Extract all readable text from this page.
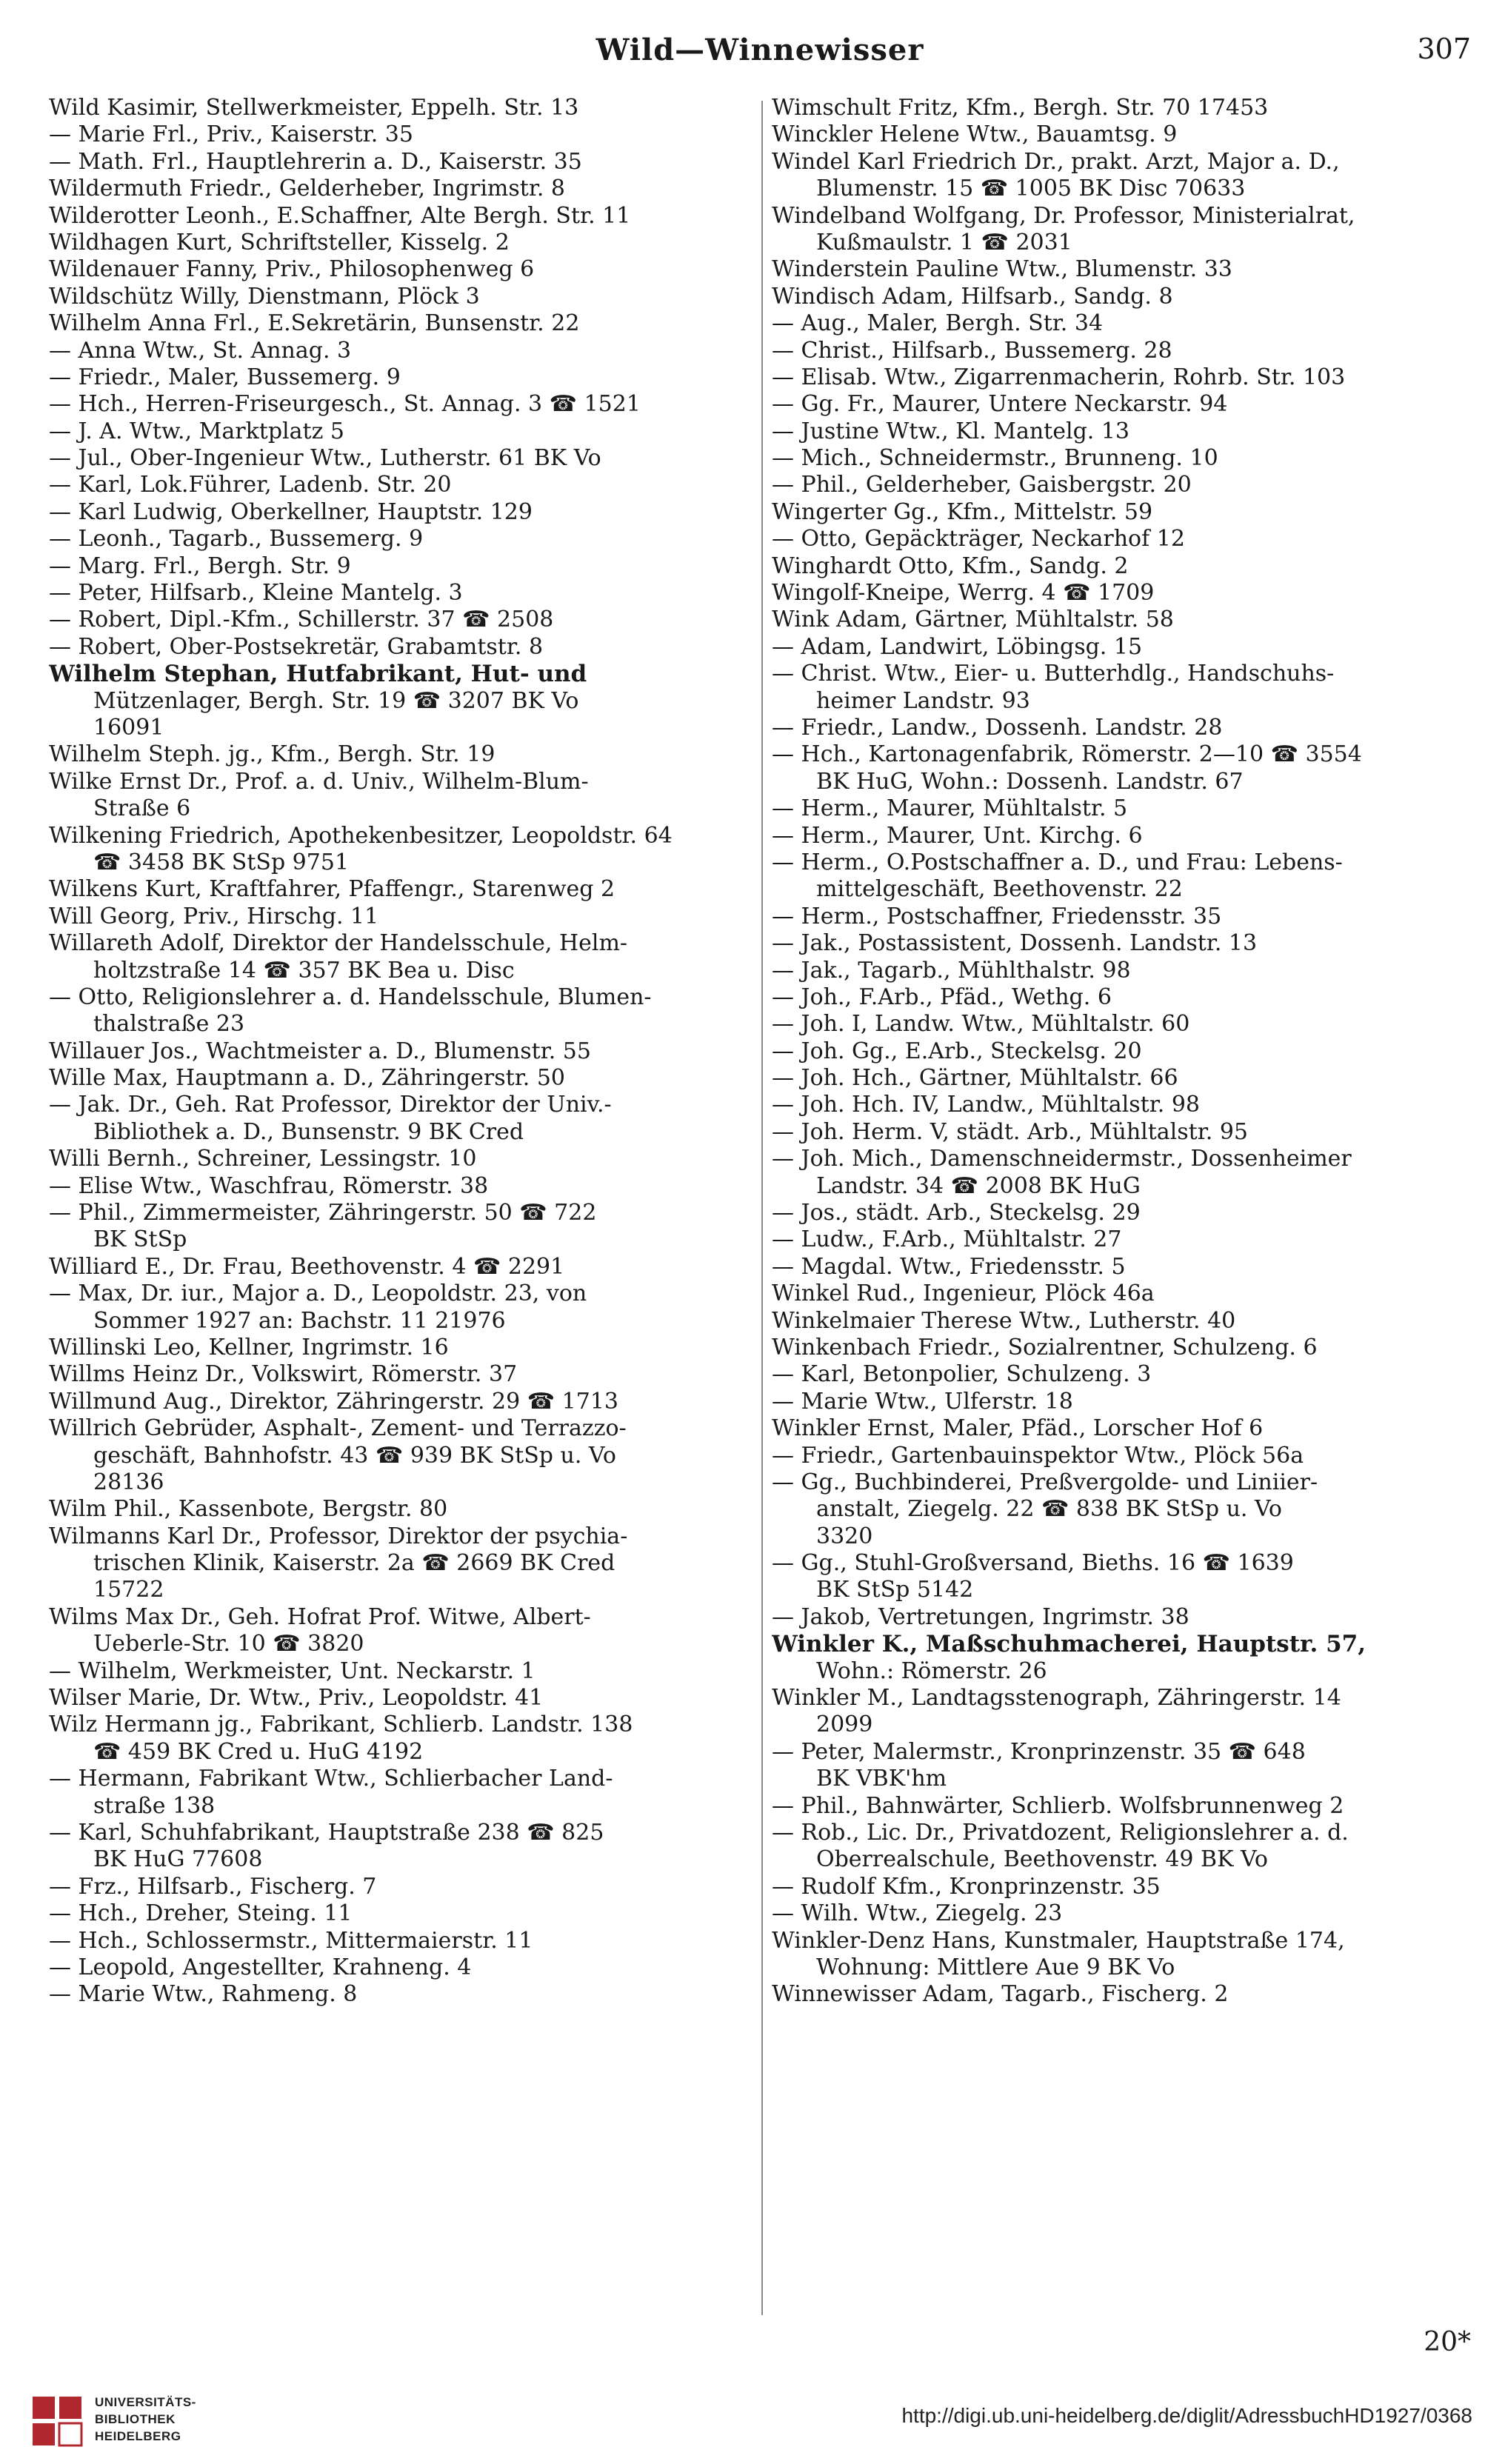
Wild—Winnewisser	307
Wild Kasimir, Stellwerkmeister, Eppelh. Str. 13
— Marie Frl., Priv., Kaiserstr. 35
— Math. Frl., Hauptlehrerin a. D., Kaiserstr. 35
Wildermuth Friedr., Gelderheber, Ingrimstr. 8
Wilderotter Leonh., E.Schaffner, Alte Bergh. Str. 11
Wildhagen Kurt, Schriftsteller, Kisselg. 2
Wildenauer Fanny, Priv., Philosophenweg 6
Wildschütz Willy, Dienstmann, Plöck 3
Wilhelm Anna Frl., E.Sekretärin, Bunsenstr. 22
— Anna Wtw., St. Annag. 3
— Friedr., Maler, Bussemerg. 9
— Hch., Herren-Friseurgesch., St. Annag. 3 ☎ 1521
— J. A. Wtw., Marktplatz 5
— Jul., Ober-Ingenieur Wtw., Lutherstr. 61 BK Vo
— Karl, Lok.Führer, Ladenb. Str. 20
— Karl Ludwig, Oberkellner, Hauptstr. 129
— Leonh., Tagarb., Bussemerg. 9
— Marg. Frl., Bergh. Str. 9
— Peter, Hilfsarb., Kleine Mantelg. 3
— Robert, Dipl.-Kfm., Schillerstr. 37 ☎ 2508
— Robert, Ober-Postsekretär, Grabamtstr. 8
Wilhelm Stephan, Hutfabrikant, Hut- und
Mützenlager, Bergh. Str. 19 ☎ 3207 BK Vo
16091
Wilhelm Steph. jg., Kfm., Bergh. Str. 19
Wilke Ernst Dr., Prof. a. d. Univ., Wilhelm-Blum-
Straße 6
Wilkening Friedrich, Apothekenbesitzer, Leopoldstr. 64
☎ 3458 BK StSp 9751
Wilkens Kurt, Kraftfahrer, Pfaffengr., Starenweg 2
Will Georg, Priv., Hirschg. 11
Willareth Adolf, Direktor der Handelsschule, Helm-
holtzstraße 14 ☎ 357 BK Bea u. Disc
— Otto, Religionslehrer a. d. Handelsschule, Blumen-
thalstraße 23
Willauer Jos., Wachtmeister a. D., Blumenstr. 55
Wille Max, Hauptmann a. D., Zähringerstr. 50
— Jak. Dr., Geh. Rat Professor, Direktor der Univ.-
Bibliothek a. D., Bunsenstr. 9 BK Cred
Willi Bernh., Schreiner, Lessingstr. 10
— Elise Wtw., Waschfrau, Römerstr. 38
— Phil., Zimmermeister, Zähringerstr. 50 ☎ 722
BK StSp
Williard E., Dr. Frau, Beethovenstr. 4 ☎ 2291
— Max, Dr. iur., Major a. D., Leopoldstr. 23, von
Sommer 1927 an: Bachstr. 11 21976
Willinski Leo, Kellner, Ingrimstr. 16
Willms Heinz Dr., Volkswirt, Römerstr. 37
Willmund Aug., Direktor, Zähringerstr. 29 ☎ 1713
Willrich Gebrüder, Asphalt-, Zement- und Terrazzo-
geschäft, Bahnhofstr. 43 ☎ 939 BK StSp u. Vo
28136
Wilm Phil., Kassenbote, Bergstr. 80
Wilmanns Karl Dr., Professor, Direktor der psychia-
trischen Klinik, Kaiserstr. 2a ☎ 2669 BK Cred
15722
Wilms Max Dr., Geh. Hofrat Prof. Witwe, Albert-
Ueberle-Str. 10 ☎ 3820
— Wilhelm, Werkmeister, Unt. Neckarstr. 1
Wilser Marie, Dr. Wtw., Priv., Leopoldstr. 41
Wilz Hermann jg., Fabrikant, Schlierb. Landstr. 138
☎ 459 BK Cred u. HuG 4192
— Hermann, Fabrikant Wtw., Schlierbacher Land-
straße 138
— Karl, Schuhfabrikant, Hauptstraße 238 ☎ 825
BK HuG 77608
— Frz., Hilfsarb., Fischerg. 7
— Hch., Dreher, Steing. 11
— Hch., Schlossermstr., Mittermaierstr. 11
— Leopold, Angestellter, Krahneng. 4
— Marie Wtw., Rahmeng. 8
Wimschult Fritz, Kfm., Bergh. Str. 70 17453
Winckler Helene Wtw., Bauamtsg. 9
Windel Karl Friedrich Dr., prakt. Arzt, Major a. D.,
Blumenstr. 15 ☎ 1005 BK Disc 70633
Windelband Wolfgang, Dr. Professor, Ministerialrat,
Kußmaulstr. 1 ☎ 2031
Winderstein Pauline Wtw., Blumenstr. 33
Windisch Adam, Hilfsarb., Sandg. 8
— Aug., Maler, Bergh. Str. 34
— Christ., Hilfsarb., Bussemerg. 28
— Elisab. Wtw., Zigarrenmacherin, Rohrb. Str. 103
— Gg. Fr., Maurer, Untere Neckarstr. 94
— Justine Wtw., Kl. Mantelg. 13
— Mich., Schneidermstr., Brunneng. 10
— Phil., Gelderheber, Gaisbergstr. 20
Wingerter Gg., Kfm., Mittelstr. 59
— Otto, Gepäckträger, Neckarhof 12
Winghardt Otto, Kfm., Sandg. 2
Wingolf-Kneipe, Werrg. 4 ☎ 1709
Wink Adam, Gärtner, Mühltalstr. 58
— Adam, Landwirt, Löbingsg. 15
— Christ. Wtw., Eier- u. Butterhdlg., Handschuhs-
heimer Landstr. 93
— Friedr., Landw., Dossenh. Landstr. 28
— Hch., Kartonagenfabrik, Römerstr. 2—10 ☎ 3554
BK HuG, Wohn.: Dossenh. Landstr. 67
— Herm., Maurer, Mühltalstr. 5
— Herm., Maurer, Unt. Kirchg. 6
— Herm., O.Postschaffner a. D., und Frau: Lebens-
mittelgeschäft, Beethovenstr. 22
— Herm., Postschaffner, Friedensstr. 35
— Jak., Postassistent, Dossenh. Landstr. 13
— Jak., Tagarb., Mühlthalstr. 98
— Joh., F.Arb., Pfäd., Wethg. 6
— Joh. I, Landw. Wtw., Mühltalstr. 60
— Joh. Gg., E.Arb., Steckelsg. 20
— Joh. Hch., Gärtner, Mühltalstr. 66
— Joh. Hch. IV, Landw., Mühltalstr. 98
— Joh. Herm. V, städt. Arb., Mühltalstr. 95
— Joh. Mich., Damenschneidermstr., Dossenheimer
Landstr. 34 ☎ 2008 BK HuG
— Jos., städt. Arb., Steckelsg. 29
— Ludw., F.Arb., Mühltalstr. 27
— Magdal. Wtw., Friedensstr. 5
Winkel Rud., Ingenieur, Plöck 46a
Winkelmaier Therese Wtw., Lutherstr. 40
Winkenbach Friedr., Sozialrentner, Schulzeng. 6
— Karl, Betonpolier, Schulzeng. 3
— Marie Wtw., Ulferstr. 18
Winkler Ernst, Maler, Pfäd., Lorscher Hof 6
— Friedr., Gartenbauinspektor Wtw., Plöck 56a
— Gg., Buchbinderei, Preßvergolde- und Liniier-
anstalt, Ziegelg. 22 ☎ 838 BK StSp u. Vo
3320
— Gg., Stuhl-Großversand, Bieths. 16 ☎ 1639
BK StSp 5142
— Jakob, Vertretungen, Ingrimstr. 38
Winkler K., Maßschuhmacherei, Hauptstr. 57,
Wohn.: Römerstr. 26
Winkler M., Landtagsstenograph, Zähringerstr. 14
2099
— Peter, Malermstr., Kronprinzenstr. 35 ☎ 648
BK VBK'hm
— Phil., Bahnwärter, Schlierb. Wolfsbrunnenweg 2
— Rob., Lic. Dr., Privatdozent, Religionslehrer a. d.
Oberrealschule, Beethovenstr. 49 BK Vo
— Rudolf Kfm., Kronprinzenstr. 35
— Wilh. Wtw., Ziegelg. 23
Winkler-Denz Hans, Kunstmaler, Hauptstraße 174,
Wohnung: Mittlere Aue 9 BK Vo
Winnewisser Adam, Tagarb., Fischerg. 2
20*
UNIVERSITÄTS-
BIBLIOTHEK
HEIDELBERG
http://digi.ub.uni-heidelberg.de/diglit/AdressbuchHD1927/0368
